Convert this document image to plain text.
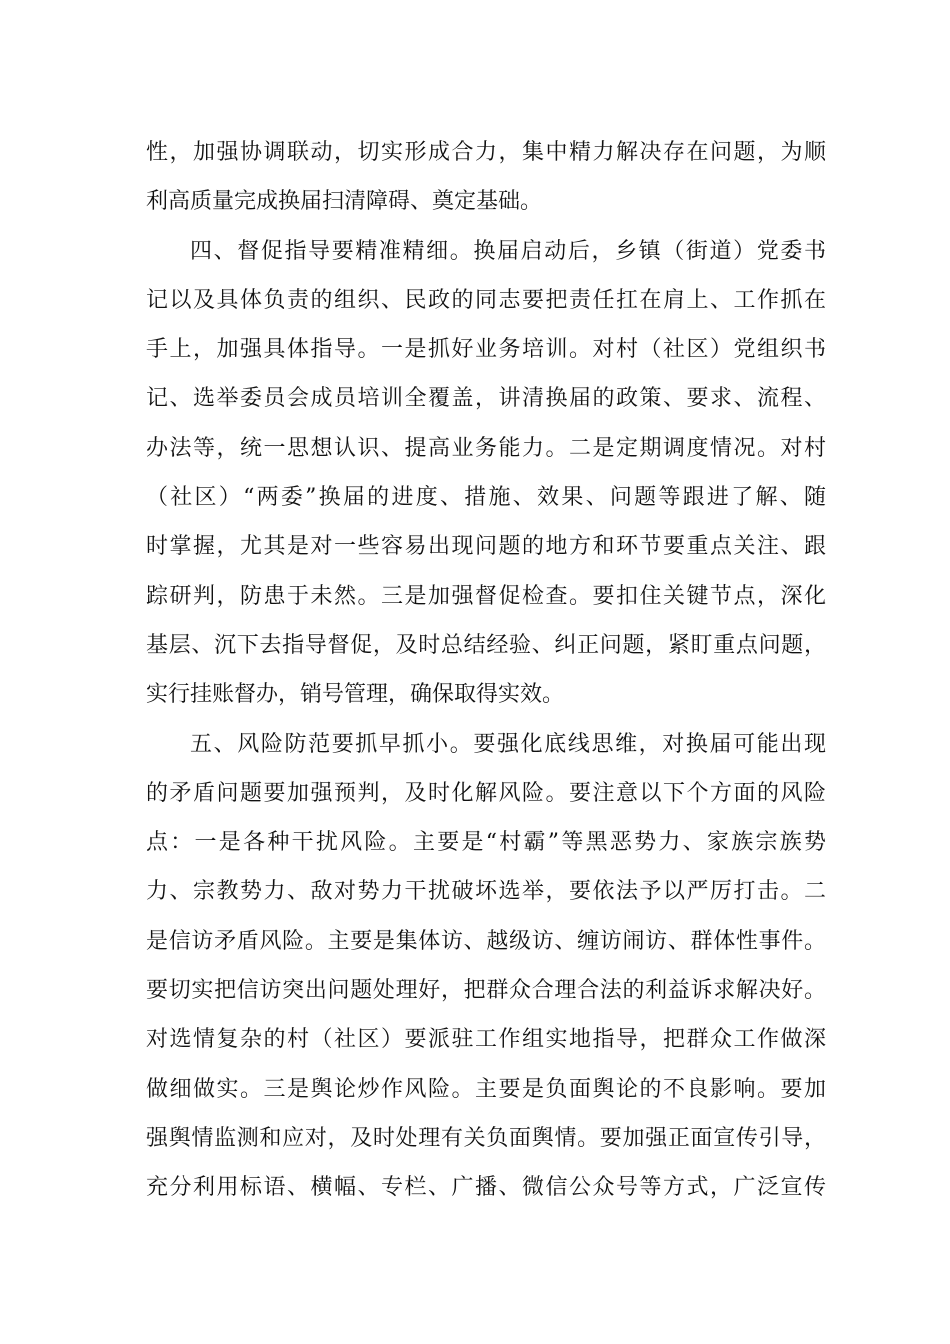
性，加强协调联动，切实形成合力，集中精力解决存在问题，为顺
利高质量完成换届扫清障碍、奠定基础。
四、督促指导要精准精细。换届启动后，乡镇（街道）党委书
记以及具体负责的组织、民政的同志要把责任扛在肩上、工作抓在
手上，加强具体指导。一是抓好业务培训。对村（社区）党组织书
记、选举委员会成员培训全覆盖，讲清换届的政策、要求、流程、
办法等，统一思想认识、提高业务能力。二是定期调度情况。对村
（社区）“两委”换届的进度、措施、效果、问题等跟进了解、随
时掌握，尤其是对一些容易出现问题的地方和环节要重点关注、跟
踪研判，防患于未然。三是加强督促检查。要扣住关键节点，深化
基层、沉下去指导督促，及时总结经验、纠正问题，紧盯重点问题，
实行挂账督办，销号管理，确保取得实效。
五、风险防范要抓早抓小。要强化底线思维，对换届可能出现
的矛盾问题要加强预判，及时化解风险。要注意以下个方面的风险
点：一是各种干扰风险。主要是“村霸”等黑恶势力、家族宗族势
力、宗教势力、敌对势力干扰破坏选举，要依法予以严厉打击。二
是信访矛盾风险。主要是集体访、越级访、缠访闹访、群体性事件。
要切实把信访突出问题处理好，把群众合理合法的利益诉求解决好。
对选情复杂的村（社区）要派驻工作组实地指导，把群众工作做深
做细做实。三是舆论炒作风险。主要是负面舆论的不良影响。要加
强舆情监测和应对，及时处理有关负面舆情。要加强正面宣传引导，
充分利用标语、横幅、专栏、广播、微信公众号等方式，广泛宣传
